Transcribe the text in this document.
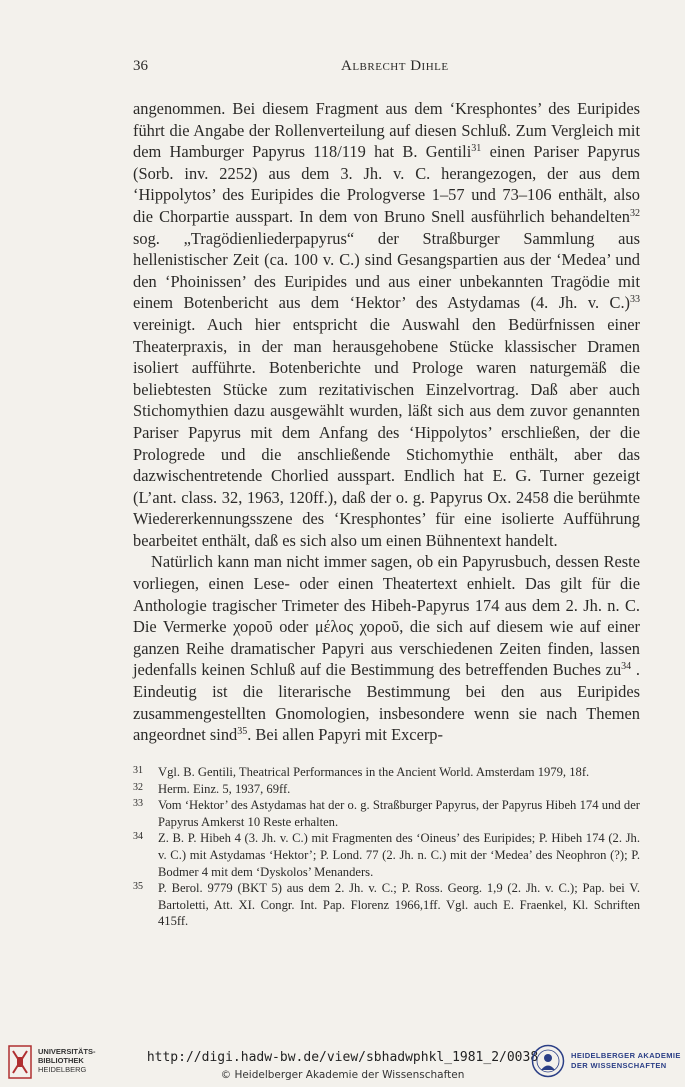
36	Albrecht Dihle

angenommen. Bei diesem Fragment aus dem ‘Kresphontes’ des Euripides führt die Angabe der Rollenverteilung auf diesen Schluß. Zum Vergleich mit dem Hamburger Papyrus 118/119 hat B. Gentili$^{31}$ einen Pariser Papyrus (Sorb. inv. 2252) aus dem 3. Jh. v. C. herangezogen, der aus dem ‘Hippolytos’ des Euripides die Prologverse 1–57 und 73–106 enthält, also die Chorpartie ausspart. In dem von Bruno Snell ausführlich behandelten$^{32}$ sog. „Tragödienliederpapyrus“ der Straßburger Sammlung aus hellenistischer Zeit (ca. 100 v. C.) sind Gesangspartien aus der ‘Medea’ und den ‘Phoinissen’ des Euripides und aus einer unbekannten Tragödie mit einem Botenbericht aus dem ‘Hektor’ des Astydamas (4. Jh. v. C.)$^{33}$ vereinigt. Auch hier entspricht die Auswahl den Bedürfnissen einer Theaterpraxis, in der man herausgehobene Stücke klassischer Dramen isoliert aufführte. Botenberichte und Prologe waren naturgemäß die beliebtesten Stücke zum rezitativischen Einzelvortrag. Daß aber auch Stichomythien dazu ausgewählt wurden, läßt sich aus dem zuvor genannten Pariser Papyrus mit dem Anfang des ‘Hippolytos’ erschließen, der die Prologrede und die anschließende Stichomythie enthält, aber das dazwischentretende Chorlied ausspart. Endlich hat E. G. Turner gezeigt (L’ant. class. 32, 1963, 120ff.), daß der o. g. Papyrus Ox. 2458 die berühmte Wiedererkennungsszene des ‘Kresphontes’ für eine isolierte Aufführung bearbeitet enthält, daß es sich also um einen Bühnentext handelt.

Natürlich kann man nicht immer sagen, ob ein Papyrusbuch, dessen Reste vorliegen, einen Lese- oder einen Theatertext enhielt. Das gilt für die Anthologie tragischer Trimeter des Hibeh-Papyrus 174 aus dem 2. Jh. n. C. Die Vermerke χοροῦ oder μέλος χοροῦ, die sich auf diesem wie auf einer ganzen Reihe dramatischer Papyri aus verschiedenen Zeiten finden, lassen jedenfalls keinen Schluß auf die Bestimmung des betreffenden Buches $zu^{34}$ . Eindeutig ist die literarische Bestimmung bei den aus Euripides zusammengestellten Gnomologien, insbesondere wenn sie nach Themen angeordnet sind$^{35}$. Bei allen Papyri mit Excerp-

31 Vgl. B. Gentili, Theatrical Performances in the Ancient World. Amsterdam 1979, 18f.
32 Herm. Einz. 5, 1937, 69ff.
33 Vom ‘Hektor’ des Astydamas hat der o. g. Straßburger Papyrus, der Papyrus Hibeh 174 und der Papyrus Amkerst 10 Reste erhalten.
34 Z. B. P. Hibeh 4 (3. Jh. v. C.) mit Fragmenten des ‘Oineus’ des Euripides; P. Hibeh 174 (2. Jh. v. C.) mit Astydamas ‘Hektor’; P. Lond. 77 (2. Jh. n. C.) mit der ‘Medea’ des Neophron (?); P. Bodmer 4 mit dem ‘Dyskolos’ Menanders.
35 P. Berol. 9779 (BKT 5) aus dem 2. Jh. v. C.; P. Ross. Georg. 1,9 (2. Jh. v. C.); Pap. bei V. Bartoletti, Att. XI. Congr. Int. Pap. Florenz 1966,1ff. Vgl. auch E. Fraenkel, Kl. Schriften 415ff.
UNIVERSITÄTS-
BIBLIOTHEK
HEIDELBERG
http://digi.hadw-bw.de/view/sbhadwphkl_1981_2/0038
© Heidelberger Akademie der Wissenschaften
HEIDELBERGER AKADEMIE
DER WISSENSCHAFTEN
